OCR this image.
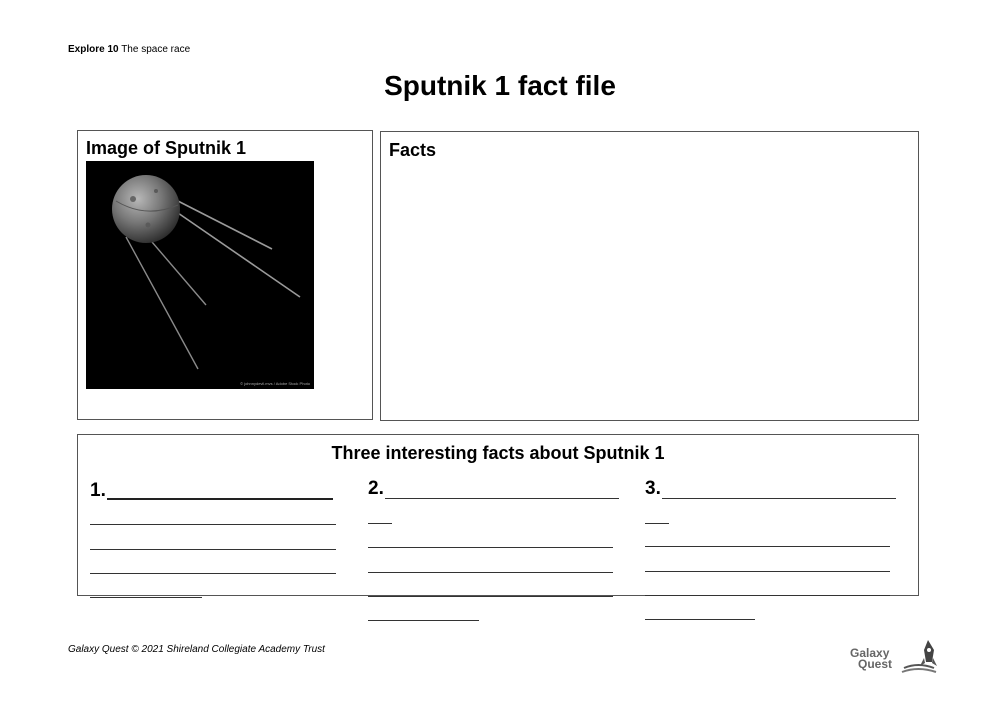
Explore 10 The space race
Sputnik 1 fact file
Image of Sputnik 1
© johnnydevil.mvs / Adobe Stock Photo
Facts
Three interesting facts about Sputnik 1
1.	2.	3.
Galaxy Quest © 2021 Shireland Collegiate Academy Trust	Galaxy
Quest
